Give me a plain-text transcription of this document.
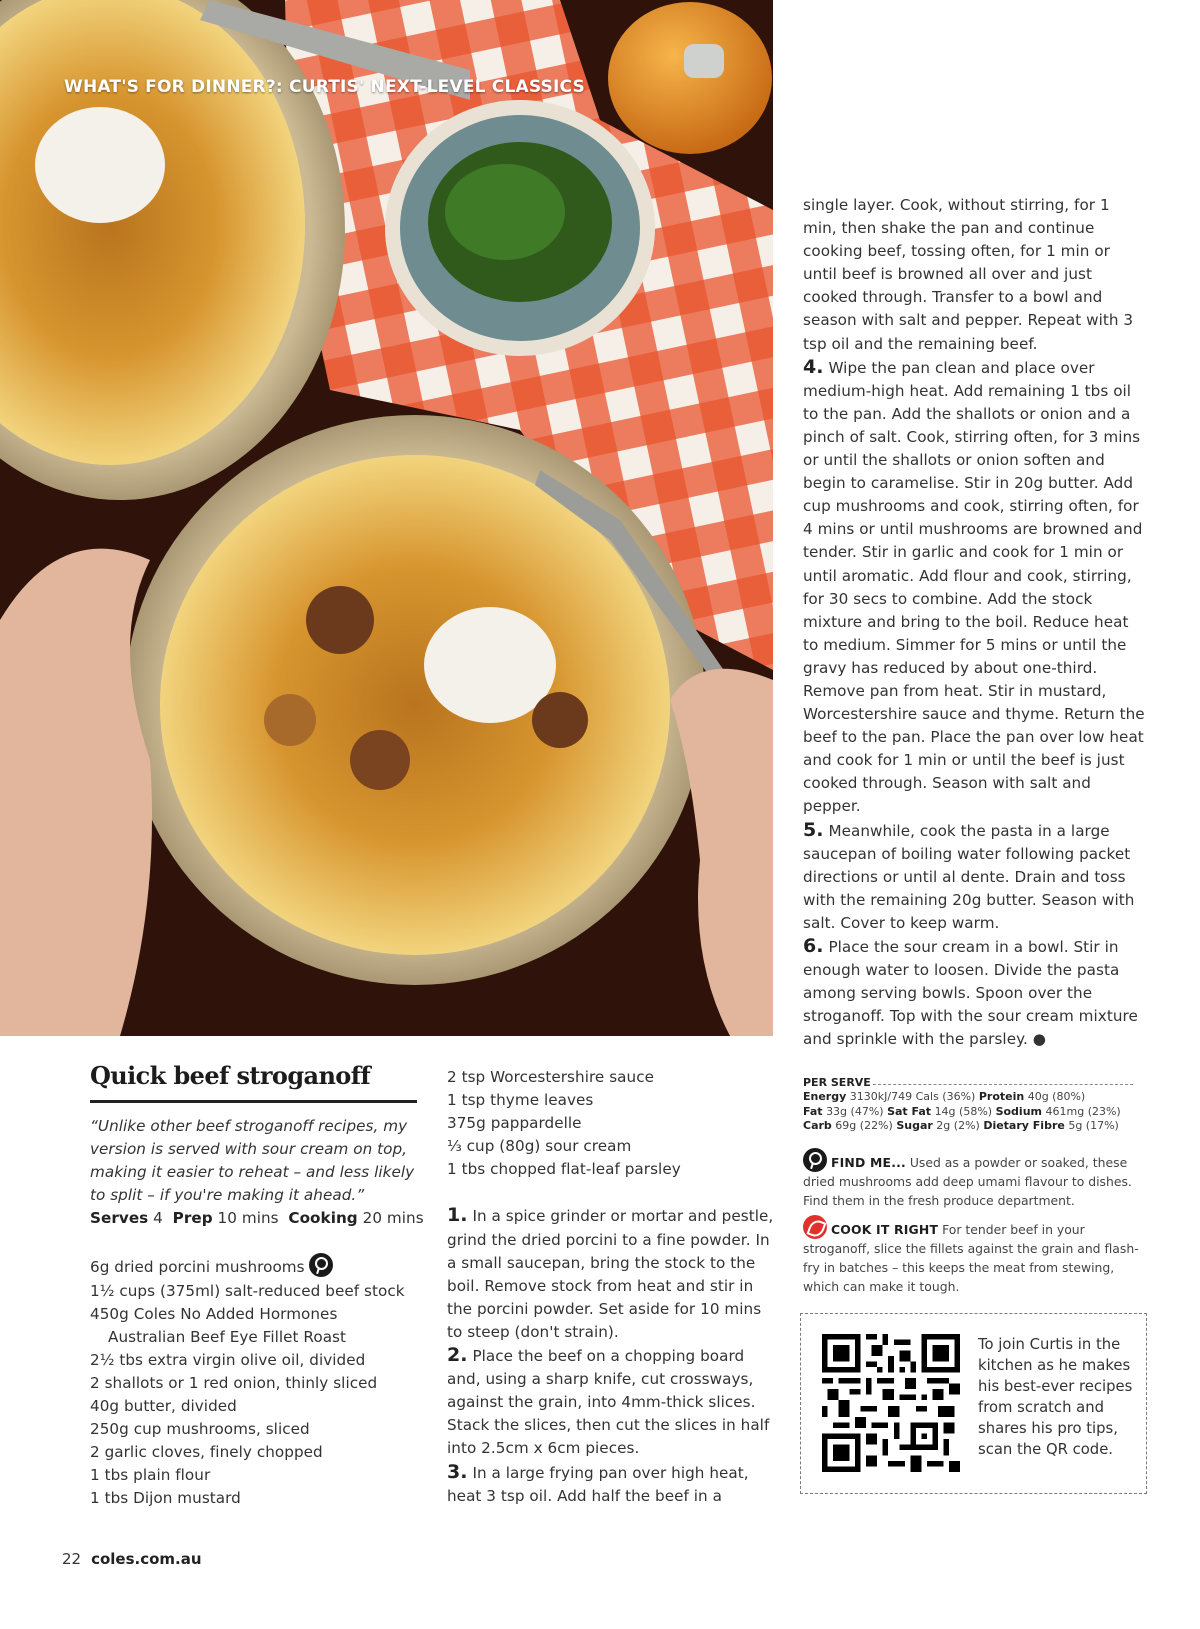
WHAT'S FOR DINNER?: CURTIS' NEXT-LEVEL CLASSICS

single layer. Cook, without stirring, for 1 min, then shake the pan and continue cooking beef, tossing often, for 1 min or until beef is browned all over and just cooked through. Transfer to a bowl and season with salt and pepper. Repeat with 3 tsp oil and the remaining beef.

4. Wipe the pan clean and place over medium-high heat. Add remaining 1 tbs oil to the pan. Add the shallots or onion and a pinch of salt. Cook, stirring often, for 3 mins or until the shallots or onion soften and begin to caramelise. Stir in 20g butter. Add cup mushrooms and cook, stirring often, for 4 mins or until mushrooms are browned and tender. Stir in garlic and cook for 1 min or until aromatic. Add flour and cook, stirring, for 30 secs to combine. Add the stock mixture and bring to the boil. Reduce heat to medium. Simmer for 5 mins or until the gravy has reduced by about one-third. Remove pan from heat. Stir in mustard, Worcestershire sauce and thyme. Return the beef to the pan. Place the pan over low heat and cook for 1 min or until the beef is just cooked through. Season with salt and pepper.

5. Meanwhile, cook the pasta in a large saucepan of boiling water following packet directions or until al dente. Drain and toss with the remaining 20g butter. Season with salt. Cover to keep warm.

6. Place the sour cream in a bowl. Stir in enough water to loosen. Divide the pasta among serving bowls. Spoon over the stroganoff. Top with the sour cream mixture and sprinkle with the parsley. ●

Quick beef stroganoff

“Unlike other beef stroganoff recipes, my version is served with sour cream on top, making it easier to reheat – and less likely to split – if you're making it ahead.”

Serves 4 Prep 10 mins Cooking 20 mins

6g dried porcini mushrooms
1½ cups (375ml) salt-reduced beef stock
450g Coles No Added Hormones
Australian Beef Eye Fillet Roast
2½ tbs extra virgin olive oil, divided
2 shallots or 1 red onion, thinly sliced
40g butter, divided
250g cup mushrooms, sliced
2 garlic cloves, finely chopped
1 tbs plain flour
1 tbs Dijon mustard
2 tsp Worcestershire sauce
1 tsp thyme leaves
375g pappardelle
⅓ cup (80g) sour cream
1 tbs chopped flat-leaf parsley

1. In a spice grinder or mortar and pestle, grind the dried porcini to a fine powder. In a small saucepan, bring the stock to the boil. Remove stock from heat and stir in the porcini powder. Set aside for 10 mins to steep (don't strain).

2. Place the beef on a chopping board and, using a sharp knife, cut crossways, against the grain, into 4mm-thick slices. Stack the slices, then cut the slices in half into 2.5cm x 6cm pieces.

3. In a large frying pan over high heat, heat 3 tsp oil. Add half the beef in a

PER SERVE
Energy 3130kJ/749 Cals (36%) Protein 40g (80%)
Fat 33g (47%) Sat Fat 14g (58%) Sodium 461mg (23%)
Carb 69g (22%) Sugar 2g (2%) Dietary Fibre 5g (17%)
FIND ME... Used as a powder or soaked, these dried mushrooms add deep umami flavour to dishes. Find them in the fresh produce department.
COOK IT RIGHT For tender beef in your stroganoff, slice the fillets against the grain and flash-fry in batches – this keeps the meat from stewing, which can make it tough.

To join Curtis in the kitchen as he makes his best-ever recipes from scratch and shares his pro tips, scan the QR code.

22 coles.com.au
